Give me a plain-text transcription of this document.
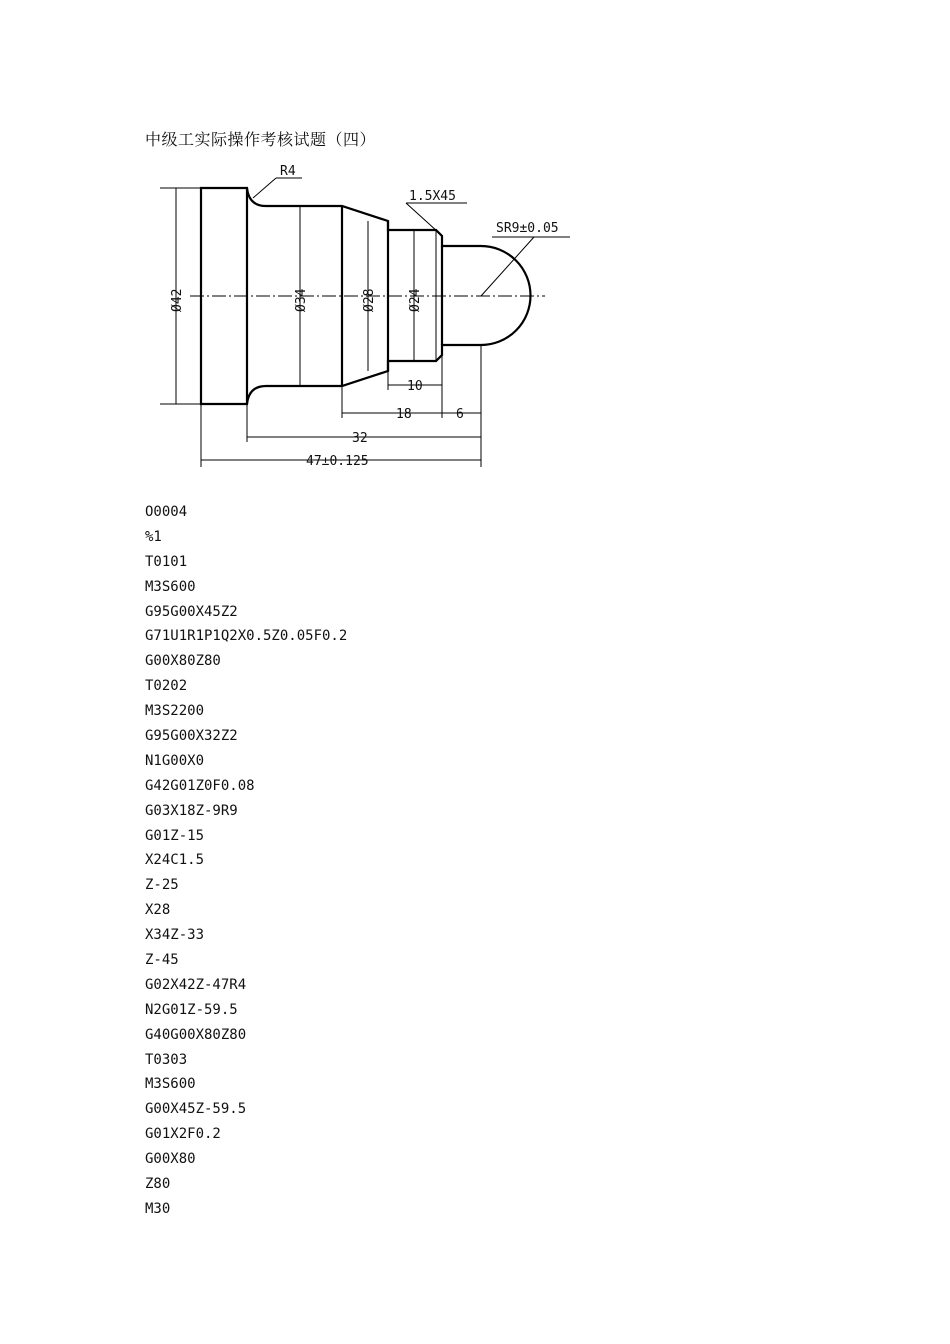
中级工实际操作考核试题（四）
Ø42	Ø34	Ø28 Ø24
R4
1.5X45
SR9±0.05
10
18	6
32
47±0.125
O0004
%1
T0101
M3S600
G95G00X45Z2
G71U1R1P1Q2X0.5Z0.05F0.2
G00X80Z80
T0202
M3S2200
G95G00X32Z2
N1G00X0
G42G01Z0F0.08
G03X18Z-9R9
G01Z-15
X24C1.5
Z-25
X28
X34Z-33
Z-45
G02X42Z-47R4
N2G01Z-59.5
G40G00X80Z80
T0303
M3S600
G00X45Z-59.5
G01X2F0.2
G00X80
Z80
M30
